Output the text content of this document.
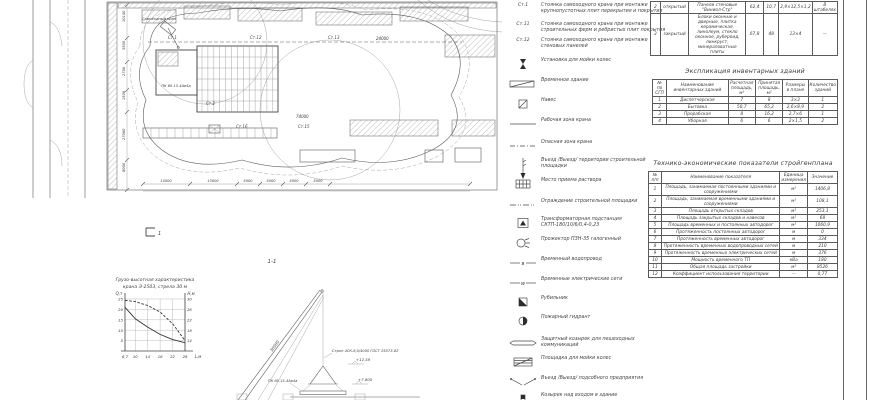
ПК 60.15-4Ав4а
Самоходный кран
Ст.1	Ст.12	Ст.13
Ст.2
Ст.16	Ст.15
24000
74000
15000	15000	5000	5000	5000	5000
10140
3500
2700
1500
27060
8000
1
1-1
30000	Строп 4СК-8,0/4000 ГОСТ 25573-82
+12,58
+7,800
ПК 60.15-4Ав4а
Грузо-высотная характеристика
крана Э-2503, стрела 30 м
Q,т	Н,м
L,м
6,7 10 14 18 22 26
25	30
20	26
15	22
10	18
5	14
Ст.1	Стоянка самоходного крана при монтаже крупнопустотных плит перекрытия и покрытия
Ст.11	Стоянка самоходного крана при монтаже строительных ферм и ребристых плит покрытия
Ст.12	Стоянка самоходного крана при монтаже стеновых панелей
Установка для мойки колес
Временное здание
Навес
Рабочая зона крана
Опасная зона крана
Въезд /Выезд/ территории строительной площадки
Место приема раствора
Ограждение строительной площадки
Трансформаторная подстанция СКТП-180/10/6/0,4-0,23
Прожектор ПЗН-35 галогенный
в
Временный водопровод
w
Временные электрические сети
Рубильник
Пожарный гидрант
Защитный козырек для пешеходных коммуникаций
Площадка для мойки колес
Въезд /Выезд/ подсобного предприятия
Козырек над входом в здание
2	открытый	Панели стеновые "Виниол-Стр"	62,4	10,7	2,9×12,5×1,2	В штабелях
3	закрытый	Блоки оконные и дверные, плитка керамическая, линолеум, стекло оконное, рубероид, линкруст, минераловатные плиты	67,8	48	13×4	—
Экспликация инвентарных зданий
№ по СГП	Наименование инвентарных зданий	Расчетная площадь, м²	Принятая площадь, м²	Размеры в плане	Количество зданий
1	Диспетчерская	7	8	3×3	1
2	Бытовка	50,7	65,2	2,6×8,9	2
3	Прорабская	8	16,2	2,7×6	1
4	Уборная	6	6	2×1,5	2
Технико-экономические показатели стройгенплана
№ п/п	Наименование показателя	Единица измерения	Значение
1	Площадь, занимаемая постоянными зданиями и сооружениями	м²	1406,8
2	Площадь, занимаемая временными зданиями и сооружениями	м²	108,1
3	Площадь открытых складов	м²	253,1
4	Площадь закрытых складов и навесов	м²	68
5	Площадь временных и постоянных автодорог	м²	1060,9
6	Протяженность постоянных автодорог	м	0
7	Протяженность временных автодорог	м	334
8	Протяженность временных водопроводных сетей	м	210
9	Протяженность временных электрических сетей	м	376
10	Мощность временного ТП	кВа	180
11	Общая площадь застройки	м²	8526
12	Коэффициент использования территории	—	0,77
